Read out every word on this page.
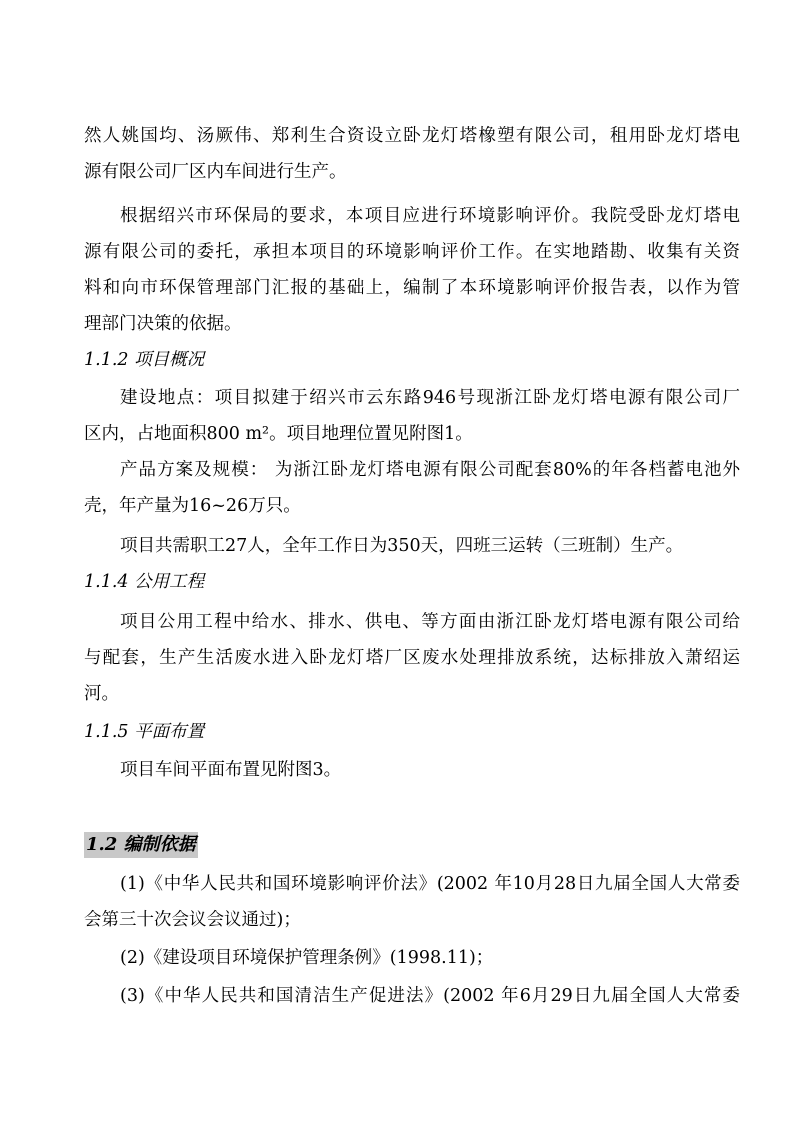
然人姚国均、汤厥伟、郑利生合资设立卧龙灯塔橡塑有限公司，租用卧龙灯塔电
源有限公司厂区内车间进行生产。
根据绍兴市环保局的要求，本项目应进行环境影响评价。我院受卧龙灯塔电
源有限公司的委托，承担本项目的环境影响评价工作。在实地踏勘、收集有关资
料和向市环保管理部门汇报的基础上，编制了本环境影响评价报告表，以作为管
理部门决策的依据。
1.1.2 项目概况
建设地点：项目拟建于绍兴市云东路946号现浙江卧龙灯塔电源有限公司厂
区内，占地面积800 m²。项目地理位置见附图1。
产品方案及规模： 为浙江卧龙灯塔电源有限公司配套80%的年各档蓄电池外
壳，年产量为16~26万只。
项目共需职工27人，全年工作日为350天，四班三运转（三班制）生产。
1.1.4 公用工程
项目公用工程中给水、排水、供电、等方面由浙江卧龙灯塔电源有限公司给
与配套，生产生活废水进入卧龙灯塔厂区废水处理排放系统，达标排放入萧绍运
河。
1.1.5 平面布置
项目车间平面布置见附图3。
1.2 编制依据
(1)《中华人民共和国环境影响评价法》(2002 年10月28日九届全国人大常委
会第三十次会议会议通过)；
(2)《建设项目环境保护管理条例》(1998.11)；
(3)《中华人民共和国清洁生产促进法》(2002 年6月29日九届全国人大常委
